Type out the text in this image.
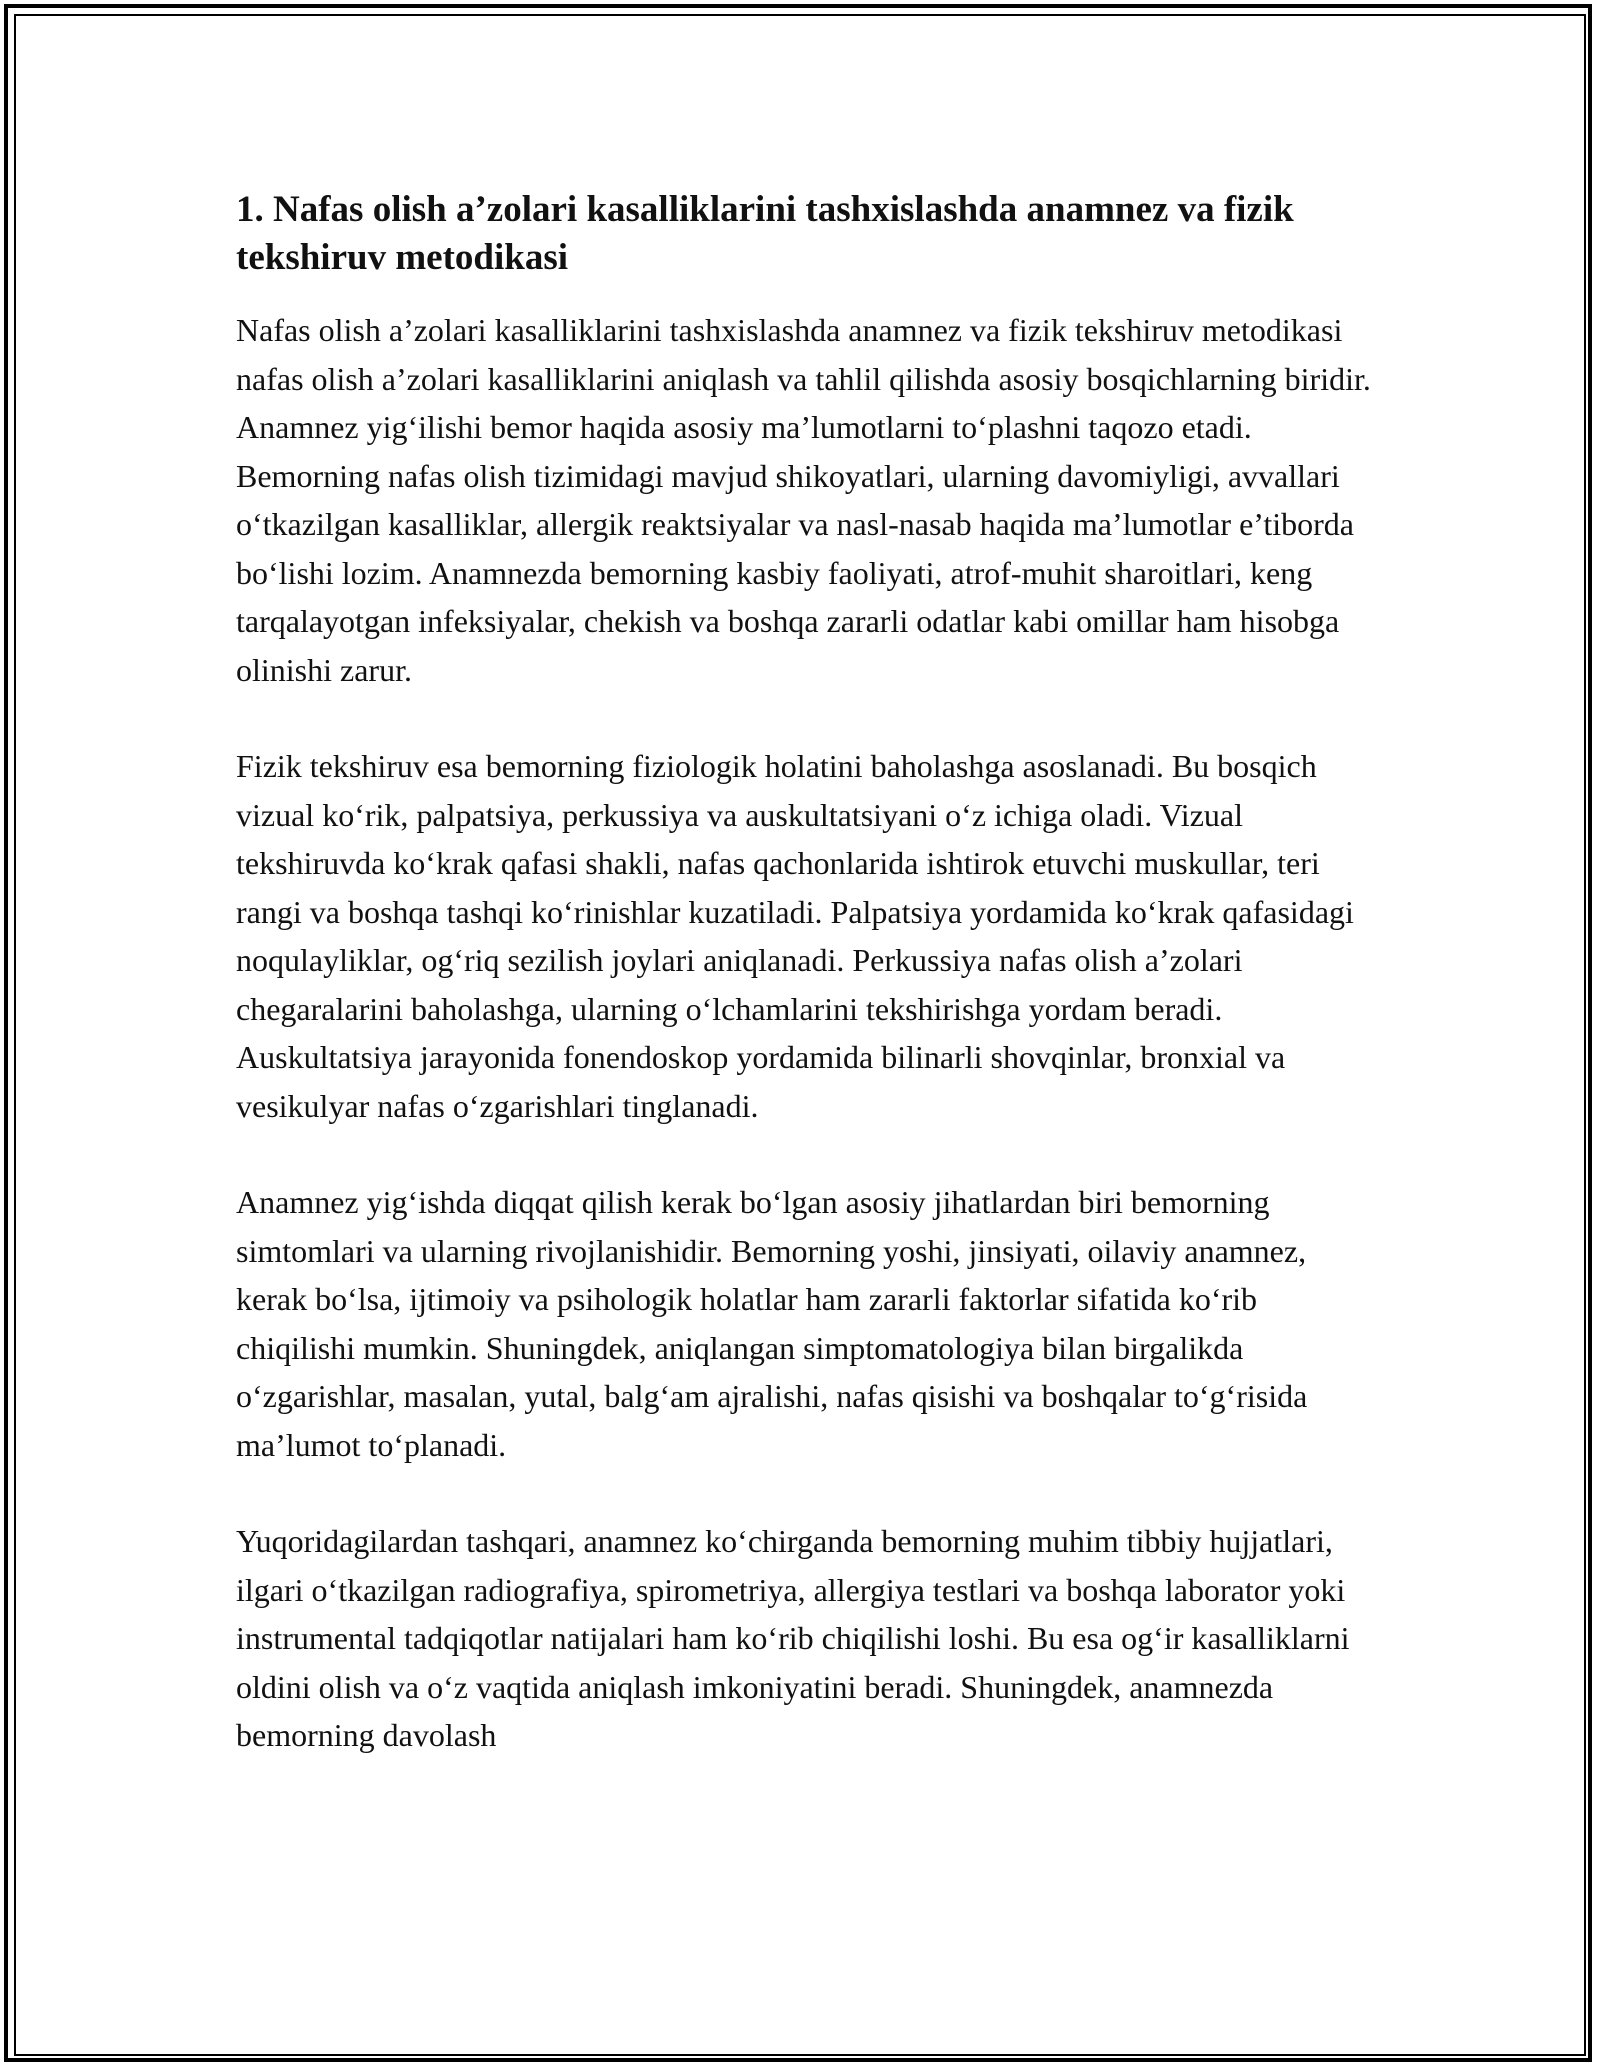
1. Nafas olish a’zolari kasalliklarini tashxislashda anamnez va fizik tekshiruv metodikasi

Nafas olish a’zolari kasalliklarini tashxislashda anamnez va fizik tekshiruv metodikasi nafas olish a’zolari kasalliklarini aniqlash va tahlil qilishda asosiy bosqichlarning biridir. Anamnez yig‘ilishi bemor haqida asosiy ma’lumotlarni to‘plashni taqozo etadi. Bemorning nafas olish tizimidagi mavjud shikoyatlari, ularning davomiyligi, avvallari o‘tkazilgan kasalliklar, allergik reaktsiyalar va nasl-nasab haqida ma’lumotlar e’tiborda bo‘lishi lozim. Anamnezda bemorning kasbiy faoliyati, atrof-muhit sharoitlari, keng tarqalayotgan infeksiyalar, chekish va boshqa zararli odatlar kabi omillar ham hisobga olinishi zarur.

Fizik tekshiruv esa bemorning fiziologik holatini baholashga asoslanadi. Bu bosqich vizual ko‘rik, palpatsiya, perkussiya va auskultatsiyani o‘z ichiga oladi. Vizual tekshiruvda ko‘krak qafasi shakli, nafas qachonlarida ishtirok etuvchi muskullar, teri rangi va boshqa tashqi ko‘rinishlar kuzatiladi. Palpatsiya yordamida ko‘krak qafasidagi noqulayliklar, og‘riq sezilish joylari aniqlanadi. Perkussiya nafas olish a’zolari chegaralarini baholashga, ularning o‘lchamlarini tekshirishga yordam beradi. Auskultatsiya jarayonida fonendoskop yordamida bilinarli shovqinlar, bronxial va vesikulyar nafas o‘zgarishlari tinglanadi.

Anamnez yig‘ishda diqqat qilish kerak bo‘lgan asosiy jihatlardan biri bemorning simtomlari va ularning rivojlanishidir. Bemorning yoshi, jinsiyati, oilaviy anamnez, kerak bo‘lsa, ijtimoiy va psihologik holatlar ham zararli faktorlar sifatida ko‘rib chiqilishi mumkin. Shuningdek, aniqlangan simptomatologiya bilan birgalikda o‘zgarishlar, masalan, yutal, balg‘am ajralishi, nafas qisishi va boshqalar to‘g‘risida ma’lumot to‘planadi.

Yuqoridagilardan tashqari, anamnez ko‘chirganda bemorning muhim tibbiy hujjatlari, ilgari o‘tkazilgan radiografiya, spirometriya, allergiya testlari va boshqa laborator yoki instrumental tadqiqotlar natijalari ham ko‘rib chiqilishi loshi. Bu esa og‘ir kasalliklarni oldini olish va o‘z vaqtida aniqlash imkoniyatini beradi. Shuningdek, anamnezda bemorning davolash
